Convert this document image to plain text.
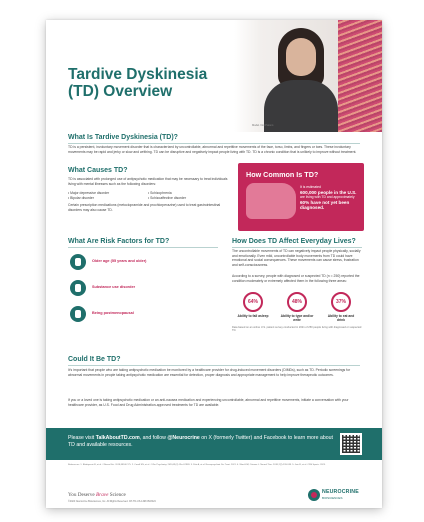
Tardive Dyskinesia (TD) Overview
Model. Not Patient.
What Is Tardive Dyskinesia (TD)?
TD is a persistent, involuntary movement disorder that is characterized by uncontrollable, abnormal and repetitive movements of the face, torso, limbs, and fingers or toes. These involuntary movements may be rapid and jerky or slow and writhing. TD can be disruptive and negatively impact people living with TD. TD is a chronic condition that is unlikely to improve without treatment.
What Causes TD?
TD is associated with prolonged use of antipsychotic medication that may be necessary to treat individuals living with mental illnesses such as the following disorders:
• Major depressive disorder
• Bipolar disorder
• Schizophrenia
• Schizoaffective disorder
Certain prescription medications (metoclopramide and prochlorperazine) used to treat gastrointestinal disorders may also cause TD.
How Common Is TD?
It is estimated
600,000 people in the U.S.
are living with TD and approximately
60% have not yet been diagnosed.
What Are Risk Factors for TD?
Older age (55 years and older)
Substance use disorder
Being postmenopausal
How Does TD Affect Everyday Lives?
The uncontrollable movements of TD can negatively impact people physically, socially and emotionally. Even mild, uncontrollable body movements from TD could have emotional and social consequences. These movements can cause stress, frustration and self-consciousness.
According to a survey, people with diagnosed or suspected TD (n = 250) reported the condition moderately or extremely affected them in the following three areas:
64%
Ability to fall asleep
48%
Ability to type and/or write
37%
Ability to eat and drink
Data based on an online U.S. patient survey conducted in 2021 of 250 people living with diagnosed or suspected TD.
Could It Be TD?
It's important that people who are taking antipsychotic medication be monitored by a healthcare provider for drug-induced movement disorders (DIMDs), such as TD. Periodic screenings for abnormal movements in people taking antipsychotic medication are essential for detection, proper diagnosis and appropriate management to help improve therapeutic outcomes.
If you or a loved one is taking antipsychotic medication or an anti-nausea medication and experiencing uncontrollable, abnormal and repetitive movements, initiate a conversation with your healthcare provider, as U.S. Food and Drug Administration-approved treatments for TD are available.
Please visit TalkAboutTD.com, and follow @Neurocrine on X (formerly Twitter) and Facebook to learn more about TD and available resources.
References: 1. Bhidayasiri R, et al. J Neurol Sci. 2018;389:67-75. 2. Caroff SN, et al. J Clin Psychiatry. 2020;81(2):19cs12983. 3. Dhir A, et al. Neuropsychiatr Dis Treat. 2021. 4. Ward KM, Citrome L. Neurol Ther. 2018;7(2):233-248. 5. Jain R, et al. CNS Spectr. 2023.
You Deserve Brave Science
©2024 Neurocrine Biosciences, Inc. All Rights Reserved. CP-TD-US-1498 05/2024
NEUROCRINE
BIOSCIENCES
